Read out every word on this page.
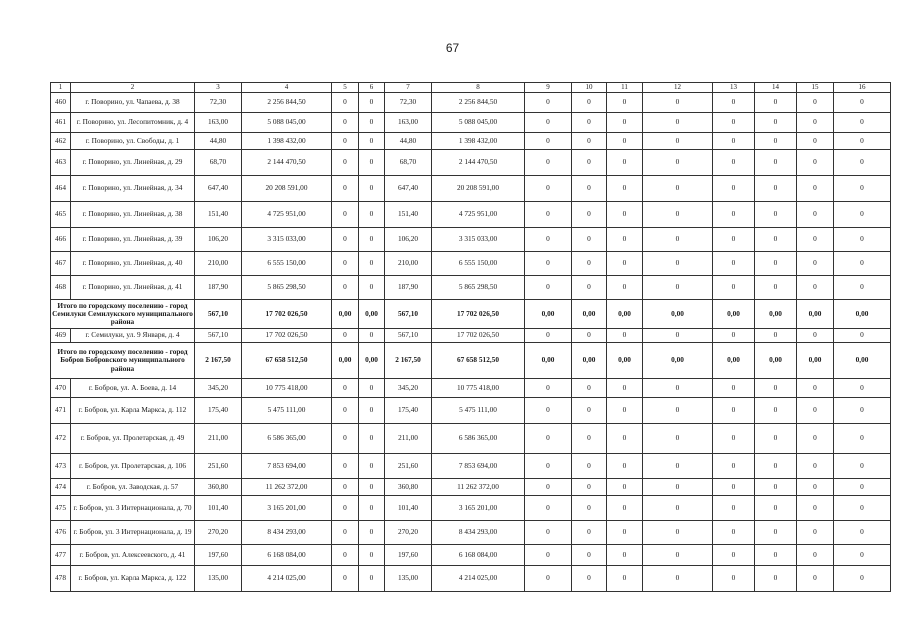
67
1	2	3	4	5	6	7	8	9	10	11	12	13	14	15	16
460	г. Поворино, ул. Чапаева, д. 38	72,30	2 256 844,50	0	0	72,30	2 256 844,50	0	0	0	0	0	0	0	0
461	г. Поворино, ул. Лесопитомник, д. 4	163,00	5 088 045,00	0	0	163,00	5 088 045,00	0	0	0	0	0	0	0	0
462	г. Поворино, ул. Свободы, д. 1	44,80	1 398 432,00	0	0	44,80	1 398 432,00	0	0	0	0	0	0	0	0
463	г. Поворино, ул. Линейная, д. 29	68,70	2 144 470,50	0	0	68,70	2 144 470,50	0	0	0	0	0	0	0	0
464	г. Поворино, ул. Линейная, д. 34	647,40	20 208 591,00	0	0	647,40	20 208 591,00	0	0	0	0	0	0	0	0
465	г. Поворино, ул. Линейная, д. 38	151,40	4 725 951,00	0	0	151,40	4 725 951,00	0	0	0	0	0	0	0	0
466	г. Поворино, ул. Линейная, д. 39	106,20	3 315 033,00	0	0	106,20	3 315 033,00	0	0	0	0	0	0	0	0
467	г. Поворино, ул. Линейная, д. 40	210,00	6 555 150,00	0	0	210,00	6 555 150,00	0	0	0	0	0	0	0	0
468	г. Поворино, ул. Линейная, д. 41	187,90	5 865 298,50	0	0	187,90	5 865 298,50	0	0	0	0	0	0	0	0
Итого по городскому поселению - город Семилуки Семилукского муниципального района		567,10	17 702 026,50	0,00	0,00	567,10	17 702 026,50	0,00	0,00	0,00	0,00	0,00	0,00	0,00	0,00
469	г. Семилуки, ул. 9 Января, д. 4	567,10	17 702 026,50	0	0	567,10	17 702 026,50	0	0	0	0	0	0	0	0
Итого по городскому поселению - город Бобров Бобровского муниципального района		2 167,50	67 658 512,50	0,00	0,00	2 167,50	67 658 512,50	0,00	0,00	0,00	0,00	0,00	0,00	0,00	0,00
470	г. Бобров, ул. А. Боева, д. 14	345,20	10 775 418,00	0	0	345,20	10 775 418,00	0	0	0	0	0	0	0	0
471	г. Бобров, ул. Карла Маркса, д. 112	175,40	5 475 111,00	0	0	175,40	5 475 111,00	0	0	0	0	0	0	0	0
472	г. Бобров, ул. Пролетарская, д. 49	211,00	6 586 365,00	0	0	211,00	6 586 365,00	0	0	0	0	0	0	0	0
473	г. Бобров, ул. Пролетарская, д. 106	251,60	7 853 694,00	0	0	251,60	7 853 694,00	0	0	0	0	0	0	0	0
474	г. Бобров, ул. Заводская, д. 57	360,80	11 262 372,00	0	0	360,80	11 262 372,00	0	0	0	0	0	0	0	0
475	г. Бобров, ул. 3 Интернационала, д. 70	101,40	3 165 201,00	0	0	101,40	3 165 201,00	0	0	0	0	0	0	0	0
476	г. Бобров, ул. 3 Интернационала, д. 19	270,20	8 434 293,00	0	0	270,20	8 434 293,00	0	0	0	0	0	0	0	0
477	г. Бобров, ул. Алексеевского, д. 41	197,60	6 168 084,00	0	0	197,60	6 168 084,00	0	0	0	0	0	0	0	0
478	г. Бобров, ул. Карла Маркса, д. 122	135,00	4 214 025,00	0	0	135,00	4 214 025,00	0	0	0	0	0	0	0	0
